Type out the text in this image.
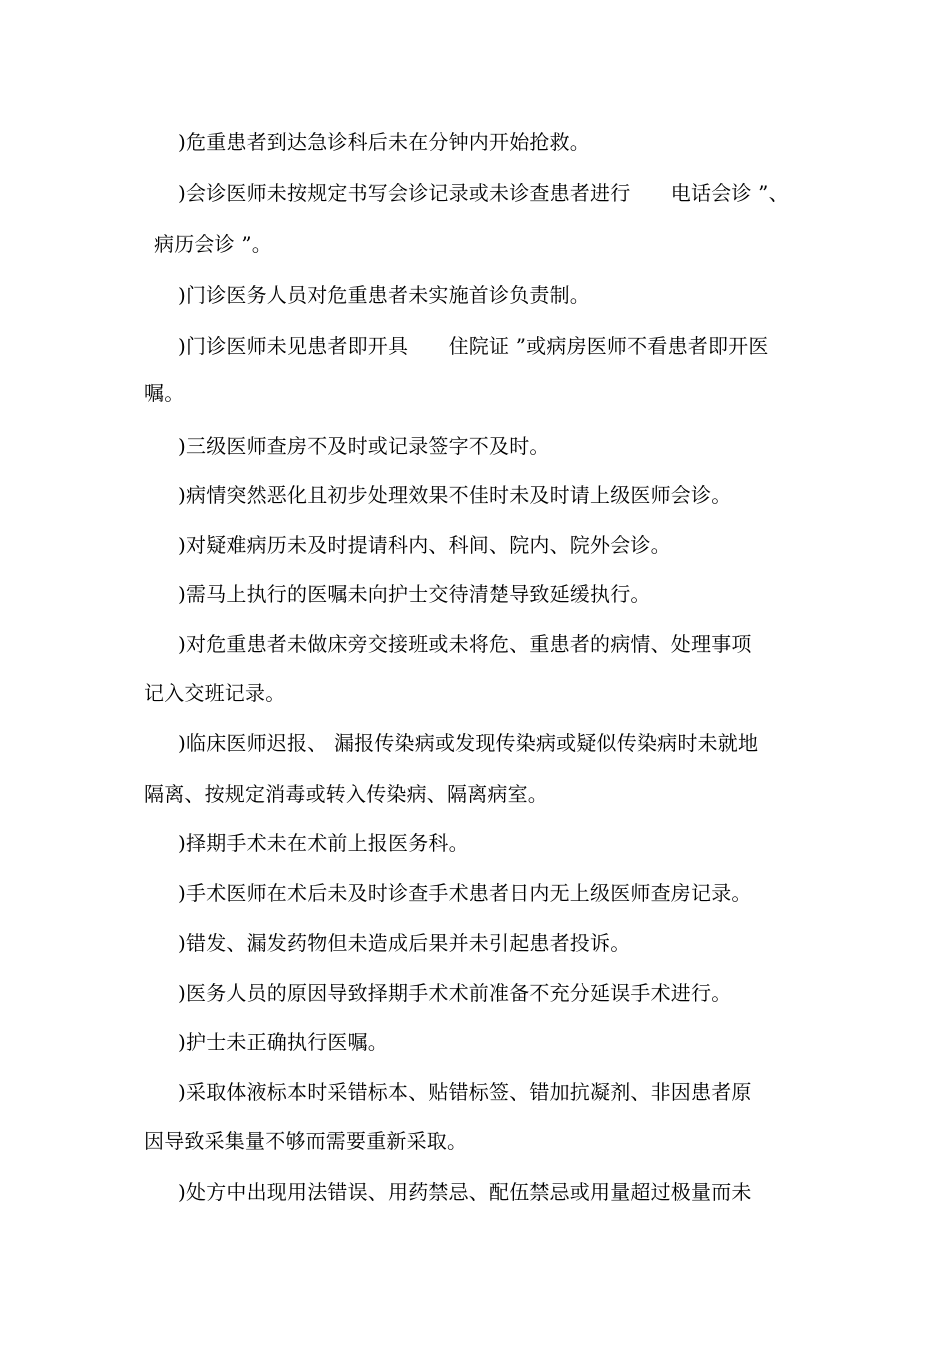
)危重患者到达急诊科后未在分钟内开始抢救。
)会诊医师未按规定书写会诊记录或未诊查患者进行　　电话会诊 ”、
病历会诊 ”。
)门诊医务人员对危重患者未实施首诊负责制。
)门诊医师未见患者即开具　　住院证 ”或病房医师不看患者即开医
嘱。
)三级医师查房不及时或记录签字不及时。
)病情突然恶化且初步处理效果不佳时未及时请上级医师会诊。
)对疑难病历未及时提请科内、科间、院内、院外会诊。
)需马上执行的医嘱未向护士交待清楚导致延缓执行。
)对危重患者未做床旁交接班或未将危、重患者的病情、处理事项
记入交班记录。
)临床医师迟报、 漏报传染病或发现传染病或疑似传染病时未就地
隔离、按规定消毒或转入传染病、隔离病室。
)择期手术未在术前上报医务科。
)手术医师在术后未及时诊查手术患者日内无上级医师查房记录。
)错发、漏发药物但未造成后果并未引起患者投诉。
)医务人员的原因导致择期手术术前准备不充分延误手术进行。
)护士未正确执行医嘱。
)采取体液标本时采错标本、贴错标签、错加抗凝剂、非因患者原
因导致采集量不够而需要重新采取。
)处方中出现用法错误、用药禁忌、配伍禁忌或用量超过极量而未
